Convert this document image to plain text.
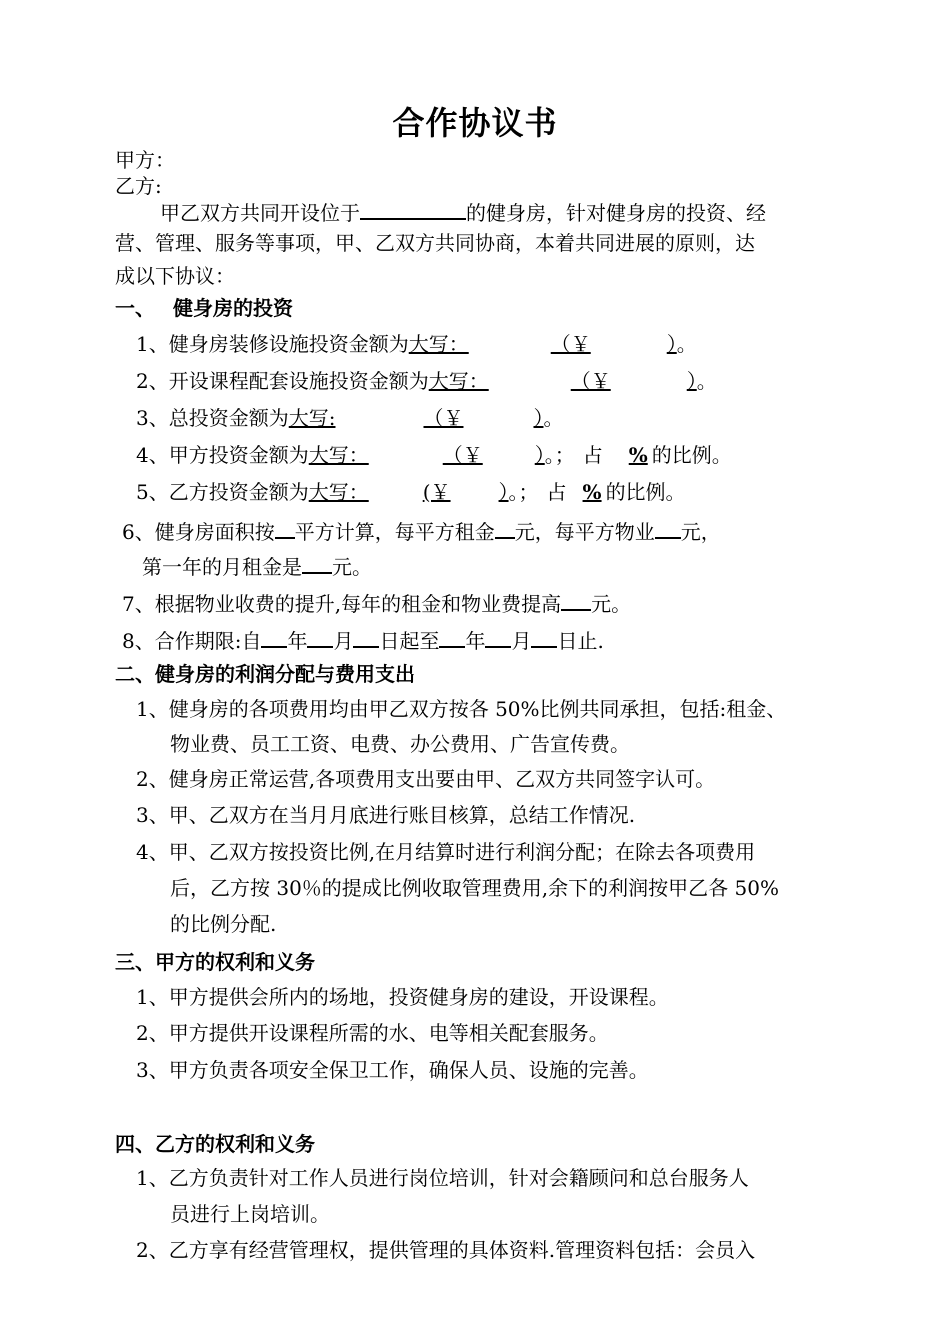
合作协议书
甲方：
乙方:
甲乙双方共同开设位于	的健身房，针对健身房的投资、经
营、管理、服务等事项，甲、乙双方共同协商，本着共同进展的原则，达
成以下协议：
一、 健身房的投资
1、健身房装修设施投资金额为大写：	（￥	）。
2、开设课程配套设施投资金额为大写：	（￥	）。
3、总投资金额为大写:	（￥	）。
4、甲方投资金额为大写：	（￥	）。； 占 % 的比例。
5、乙方投资金额为大写：	(￥ ）。； 占 % 的比例。
6、健身房面积按 平方计算，每平方租金 元，每平方物业 元，
第一年的月租金是 元。
7、根据物业收费的提升,每年的租金和物业费提高 元。
8、合作期限:自 年 月 日起至 年 月 日止.
二、健身房的利润分配与费用支出
1、健身房的各项费用均由甲乙双方按各 50%比例共同承担，包括:租金、
物业费、员工工资、电费、办公费用、广告宣传费。
2、健身房正常运营,各项费用支出要由甲、乙双方共同签字认可。
3、甲、乙双方在当月月底进行账目核算，总结工作情况.
4、甲、乙双方按投资比例,在月结算时进行利润分配；在除去各项费用
后，乙方按 30％的提成比例收取管理费用,余下的利润按甲乙各 50%
的比例分配.
三、甲方的权利和义务
1、甲方提供会所内的场地，投资健身房的建设，开设课程。
2、甲方提供开设课程所需的水、电等相关配套服务。
3、甲方负责各项安全保卫工作，确保人员、设施的完善。
四、乙方的权利和义务
1、乙方负责针对工作人员进行岗位培训，针对会籍顾问和总台服务人
员进行上岗培训。
2、乙方享有经营管理权，提供管理的具体资料.管理资料包括：会员入
